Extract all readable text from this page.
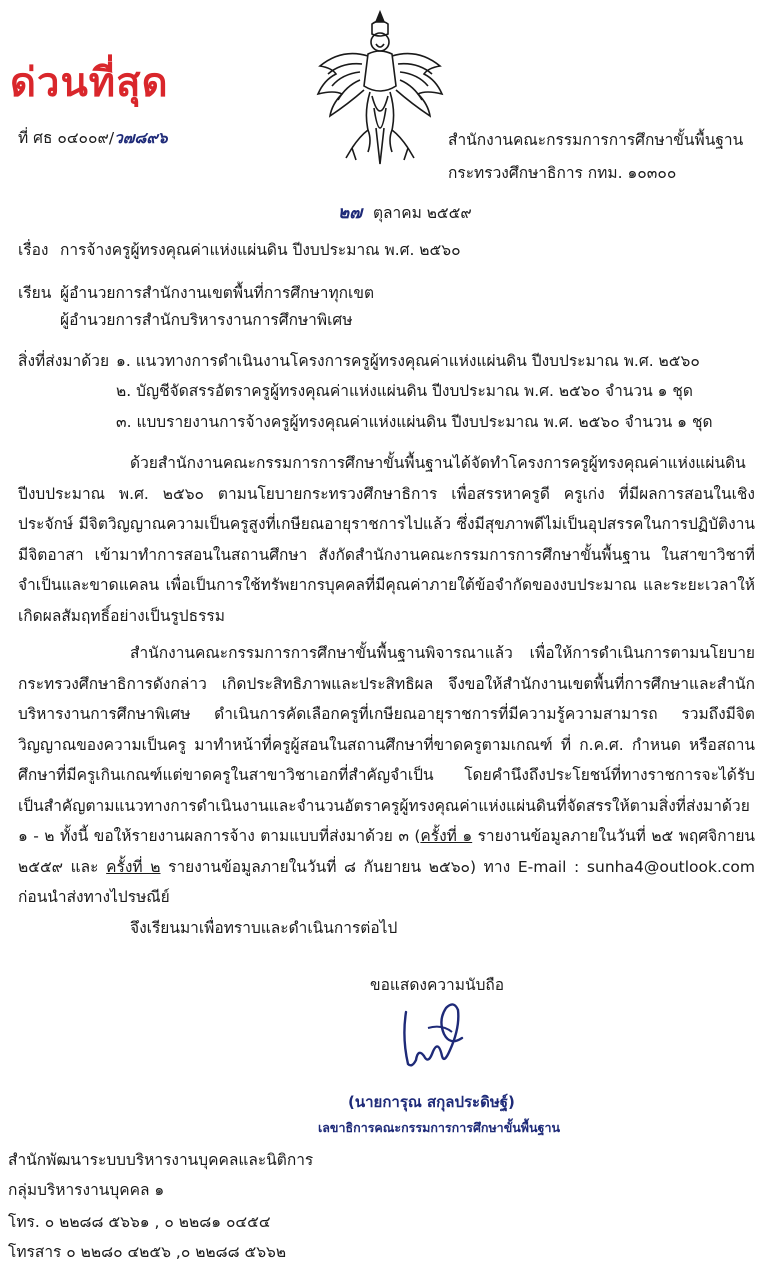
ด่วนที่สุด
ที่ ศธ ๐๔๐๐๙/ว๗๘๙๖	สำนักงานคณะกรรมการการศึกษาขั้นพื้นฐาน
กระทรวงศึกษาธิการ กทม. ๑๐๓๐๐
๒๗ ตุลาคม ๒๕๕๙
เรื่อง การจ้างครูผู้ทรงคุณค่าแห่งแผ่นดิน ปีงบประมาณ พ.ศ. ๒๕๖๐
เรียน ผู้อำนวยการสำนักงานเขตพื้นที่การศึกษาทุกเขต
ผู้อำนวยการสำนักบริหารงานการศึกษาพิเศษ
สิ่งที่ส่งมาด้วย ๑. แนวทางการดำเนินงานโครงการครูผู้ทรงคุณค่าแห่งแผ่นดิน ปีงบประมาณ พ.ศ. ๒๕๖๐
๒. บัญชีจัดสรรอัตราครูผู้ทรงคุณค่าแห่งแผ่นดิน ปีงบประมาณ พ.ศ. ๒๕๖๐ จำนวน ๑ ชุด
๓. แบบรายงานการจ้างครูผู้ทรงคุณค่าแห่งแผ่นดิน ปีงบประมาณ พ.ศ. ๒๕๖๐ จำนวน ๑ ชุด

ด้วยสำนักงานคณะกรรมการการศึกษาขั้นพื้นฐานได้จัดทำโครงการครูผู้ทรงคุณค่าแห่งแผ่นดิน ปีงบประมาณ พ.ศ. ๒๕๖๐ ตามนโยบายกระทรวงศึกษาธิการ เพื่อสรรหาครูดี ครูเก่ง ที่มีผลการสอนในเชิงประจักษ์ มีจิตวิญญาณความเป็นครูสูงที่เกษียณอายุราชการไปแล้ว ซึ่งมีสุขภาพดีไม่เป็นอุปสรรคในการปฏิบัติงาน มีจิตอาสา เข้ามาทำการสอนในสถานศึกษา สังกัดสำนักงานคณะกรรมการการศึกษาขั้นพื้นฐาน ในสาขาวิชาที่จำเป็นและขาดแคลน เพื่อเป็นการใช้ทรัพยากรบุคคลที่มีคุณค่าภายใต้ข้อจำกัดของงบประมาณ และระยะเวลาให้เกิดผลสัมฤทธิ์อย่างเป็นรูปธรรม

สำนักงานคณะกรรมการการศึกษาขั้นพื้นฐานพิจารณาแล้ว เพื่อให้การดำเนินการตามนโยบายกระทรวงศึกษาธิการดังกล่าว เกิดประสิทธิภาพและประสิทธิผล จึงขอให้สำนักงานเขตพื้นที่การศึกษาและสำนักบริหารงานการศึกษาพิเศษ ดำเนินการคัดเลือกครูที่เกษียณอายุราชการที่มีความรู้ความสามารถ รวมถึงมีจิตวิญญาณของความเป็นครู มาทำหน้าที่ครูผู้สอนในสถานศึกษาที่ขาดครูตามเกณฑ์ ที่ ก.ค.ศ. กำหนด หรือสถานศึกษาที่มีครูเกินเกณฑ์แต่ขาดครูในสาขาวิชาเอกที่สำคัญจำเป็น โดยคำนึงถึงประโยชน์ที่ทางราชการจะได้รับเป็นสำคัญตามแนวทางการดำเนินงานและจำนวนอัตราครูผู้ทรงคุณค่าแห่งแผ่นดินที่จัดสรรให้ตามสิ่งที่ส่งมาด้วย ๑ - ๒ ทั้งนี้ ขอให้รายงานผลการจ้าง ตามแบบที่ส่งมาด้วย ๓ (ครั้งที่ ๑ รายงานข้อมูลภายในวันที่ ๒๕ พฤศจิกายน ๒๕๕๙ และ ครั้งที่ ๒ รายงานข้อมูลภายในวันที่ ๘ กันยายน ๒๕๖๐) ทาง E-mail : sunha4@outlook.com ก่อนนำส่งทางไปรษณีย์

จึงเรียนมาเพื่อทราบและดำเนินการต่อไป
ขอแสดงความนับถือ
(นายการุณ สกุลประดิษฐ์)
เลขาธิการคณะกรรมการการศึกษาขั้นพื้นฐาน
สำนักพัฒนาระบบบริหารงานบุคคลและนิติการ
กลุ่มบริหารงานบุคคล ๑
โทร. ๐ ๒๒๘๘ ๕๖๖๑ , ๐ ๒๒๘๑ ๐๔๕๔
โทรสาร ๐ ๒๒๘๐ ๔๒๕๖ ,๐ ๒๒๘๘ ๕๖๖๒
